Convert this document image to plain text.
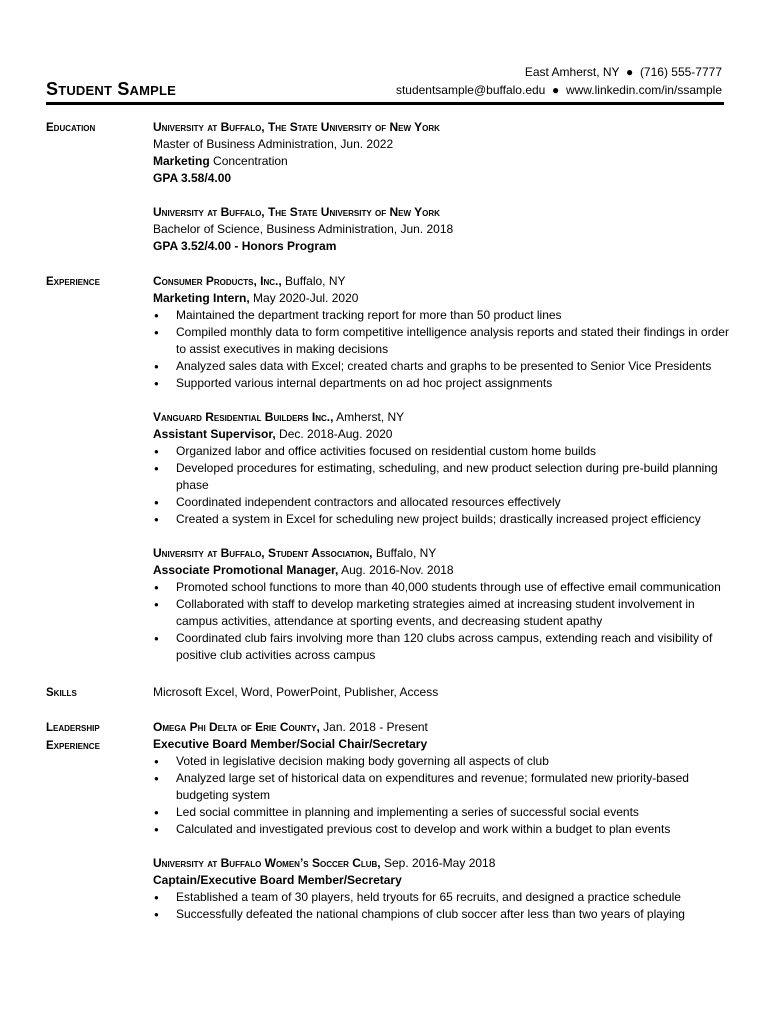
Student Sample
East Amherst, NY ● (716) 555-7777
studentsample@buffalo.edu ● www.linkedin.com/in/ssample
Education	University at Buffalo, The State University of New York
Master of Business Administration, Jun. 2022
Marketing Concentration
GPA 3.58/4.00
University at Buffalo, The State University of New York
Bachelor of Science, Business Administration, Jun. 2018
GPA 3.52/4.00 - Honors Program
Experience	Consumer Products, Inc., Buffalo, NY
Marketing Intern, May 2020-Jul. 2020
● Maintained the department tracking report for more than 50 product lines
● Compiled monthly data to form competitive intelligence analysis reports and stated their findings in order to assist executives in making decisions
● Analyzed sales data with Excel; created charts and graphs to be presented to Senior Vice Presidents
● Supported various internal departments on ad hoc project assignments
Vanguard Residential Builders Inc., Amherst, NY
Assistant Supervisor, Dec. 2018-Aug. 2020
● Organized labor and office activities focused on residential custom home builds
● Developed procedures for estimating, scheduling, and new product selection during pre-build planning phase
● Coordinated independent contractors and allocated resources effectively
● Created a system in Excel for scheduling new project builds; drastically increased project efficiency
University at Buffalo, Student Association, Buffalo, NY
Associate Promotional Manager, Aug. 2016-Nov. 2018
● Promoted school functions to more than 40,000 students through use of effective email communication
● Collaborated with staff to develop marketing strategies aimed at increasing student involvement in campus activities, attendance at sporting events, and decreasing student apathy
● Coordinated club fairs involving more than 120 clubs across campus, extending reach and visibility of positive club activities across campus
Skills	Microsoft Excel, Word, PowerPoint, Publisher, Access
Leadership
Experience
Omega Phi Delta of Erie County, Jan. 2018 - Present
Executive Board Member/Social Chair/Secretary
● Voted in legislative decision making body governing all aspects of club
● Analyzed large set of historical data on expenditures and revenue; formulated new priority-based budgeting system
● Led social committee in planning and implementing a series of successful social events
● Calculated and investigated previous cost to develop and work within a budget to plan events
University at Buffalo Women’s Soccer Club, Sep. 2016-May 2018
Captain/Executive Board Member/Secretary
● Established a team of 30 players, held tryouts for 65 recruits, and designed a practice schedule
● Successfully defeated the national champions of club soccer after less than two years of playing
